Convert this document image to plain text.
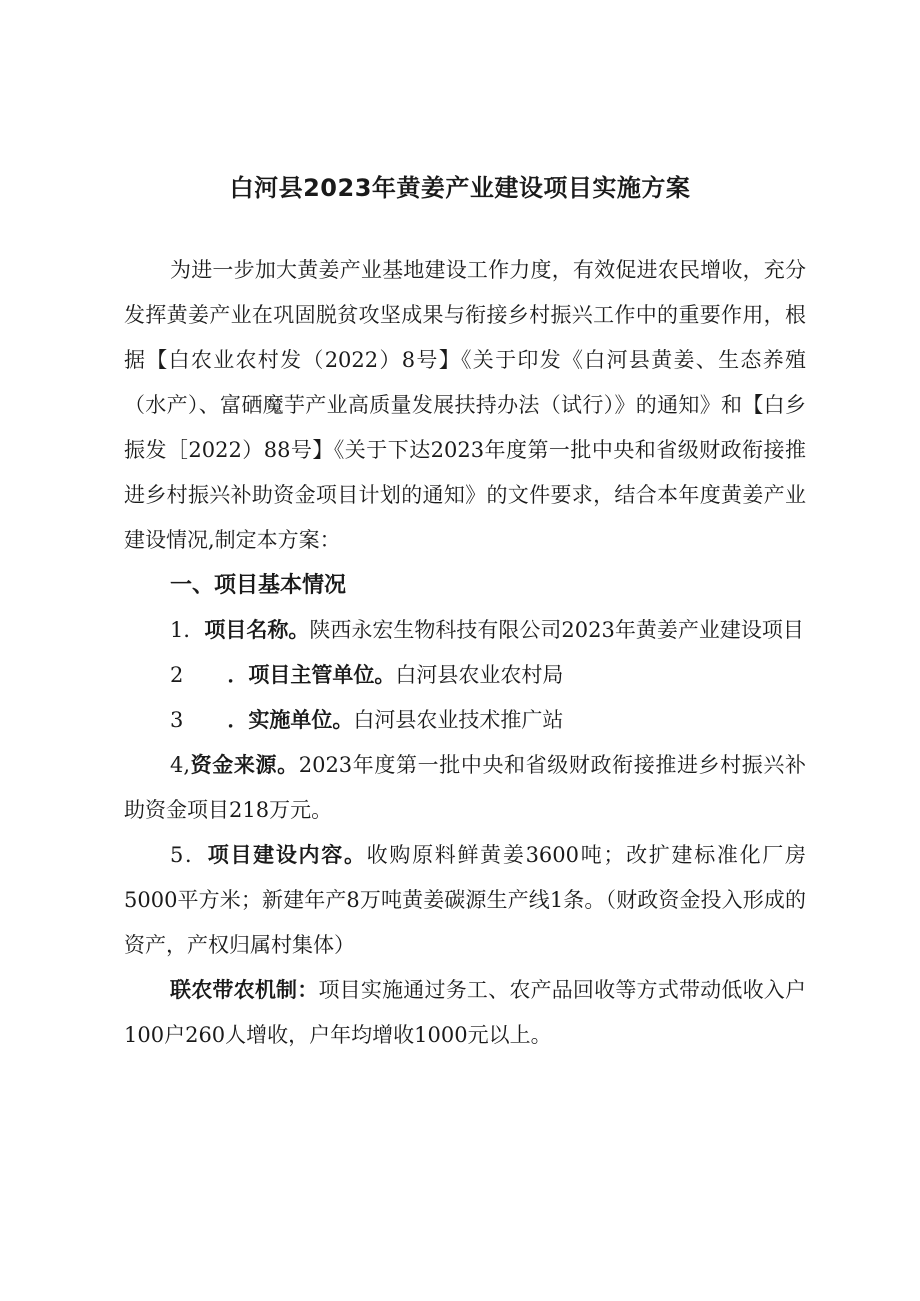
白河县2023年黄姜产业建设项目实施方案

为进一步加大黄姜产业基地建设工作力度，有效促进农民增收，充分发挥黄姜产业在巩固脱贫攻坚成果与衔接乡村振兴工作中的重要作用，根据【白农业农村发（2022）8号】《关于印发《白河县黄姜、生态养殖（水产）、富硒魔芋产业高质量发展扶持办法（试行）》的通知》和【白乡振发［2022）88号】《关于下达2023年度第一批中央和省级财政衔接推进乡村振兴补助资金项目计划的通知》的文件要求，结合本年度黄姜产业建设情况,制定本方案：

一、项目基本情况

1．项目名称。陕西永宏生物科技有限公司2023年黄姜产业建设项目

2 ．项目主管单位。白河县农业农村局

3 ．实施单位。白河县农业技术推广站

4,资金来源。2023年度第一批中央和省级财政衔接推进乡村振兴补助资金项目218万元。

5．项目建设内容。收购原料鲜黄姜3600吨；改扩建标准化厂房5000平方米；新建年产8万吨黄姜碳源生产线1条。（财政资金投入形成的资产，产权归属村集体）

联农带农机制：项目实施通过务工、农产品回收等方式带动低收入户100户260人增收，户年均增收1000元以上。
